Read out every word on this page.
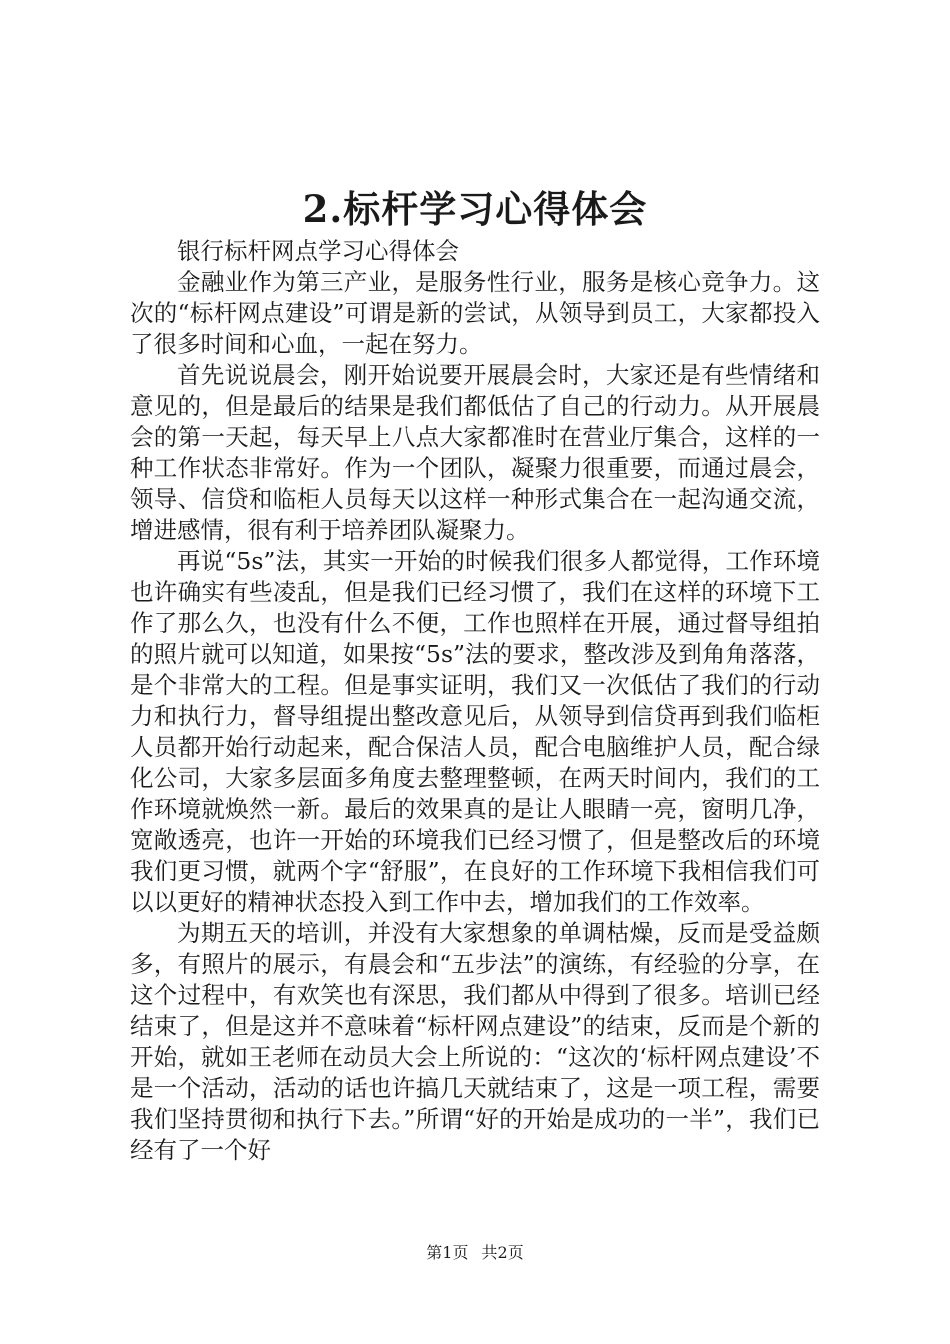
2.标杆学习心得体会

银行标杆网点学习心得体会

金融业作为第三产业，是服务性行业，服务是核心竞争力。这次的“标杆网点建设”可谓是新的尝试，从领导到员工，大家都投入了很多时间和心血，一起在努力。

首先说说晨会，刚开始说要开展晨会时，大家还是有些情绪和意见的，但是最后的结果是我们都低估了自己的行动力。从开展晨会的第一天起，每天早上八点大家都准时在营业厅集合，这样的一种工作状态非常好。作为一个团队，凝聚力很重要，而通过晨会，领导、信贷和临柜人员每天以这样一种形式集合在一起沟通交流，增进感情，很有利于培养团队凝聚力。

再说“5s”法，其实一开始的时候我们很多人都觉得，工作环境也许确实有些凌乱，但是我们已经习惯了，我们在这样的环境下工作了那么久，也没有什么不便，工作也照样在开展，通过督导组拍的照片就可以知道，如果按“5s”法的要求，整改涉及到角角落落，是个非常大的工程。但是事实证明，我们又一次低估了我们的行动力和执行力，督导组提出整改意见后，从领导到信贷再到我们临柜人员都开始行动起来，配合保洁人员，配合电脑维护人员，配合绿化公司，大家多层面多角度去整理整顿，在两天时间内，我们的工作环境就焕然一新。最后的效果真的是让人眼睛一亮，窗明几净，宽敞透亮，也许一开始的环境我们已经习惯了，但是整改后的环境我们更习惯，就两个字“舒服”，在良好的工作环境下我相信我们可以以更好的精神状态投入到工作中去，增加我们的工作效率。

为期五天的培训，并没有大家想象的单调枯燥，反而是受益颇多，有照片的展示，有晨会和“五步法”的演练，有经验的分享，在这个过程中，有欢笑也有深思，我们都从中得到了很多。培训已经结束了，但是这并不意味着“标杆网点建设”的结束，反而是个新的开始，就如王老师在动员大会上所说的：“这次的‘标杆网点建设’不是一个活动，活动的话也许搞几天就结束了，这是一项工程，需要我们坚持贯彻和执行下去。”所谓“好的开始是成功的一半”，我们已经有了一个好

第1页 共2页
